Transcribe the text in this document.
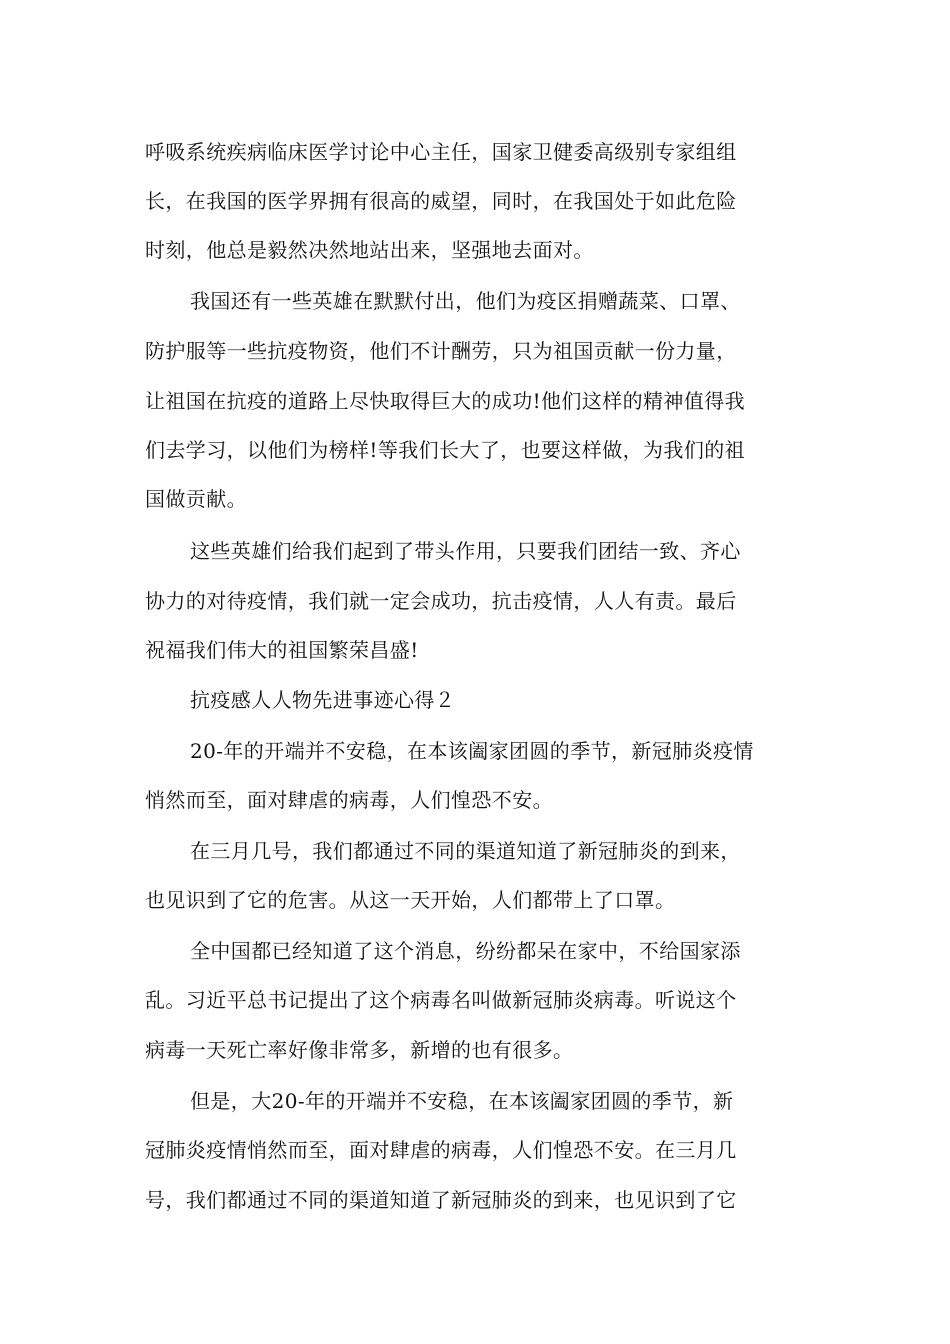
呼吸系统疾病临床医学讨论中心主任，国家卫健委高级别专家组组
长，在我国的医学界拥有很高的威望，同时，在我国处于如此危险
时刻，他总是毅然决然地站出来，坚强地去面对。
我国还有一些英雄在默默付出，他们为疫区捐赠蔬菜、口罩、
防护服等一些抗疫物资，他们不计酬劳，只为祖国贡献一份力量，
让祖国在抗疫的道路上尽快取得巨大的成功!他们这样的精神值得我
们去学习，以他们为榜样!等我们长大了，也要这样做，为我们的祖
国做贡献。
这些英雄们给我们起到了带头作用，只要我们团结一致、齐心
协力的对待疫情，我们就一定会成功，抗击疫情，人人有责。最后
祝福我们伟大的祖国繁荣昌盛!
抗疫感人人物先进事迹心得２
20-年的开端并不安稳，在本该阖家团圆的季节，新冠肺炎疫情
悄然而至，面对肆虐的病毒，人们惶恐不安。
在三月几号，我们都通过不同的渠道知道了新冠肺炎的到来，
也见识到了它的危害。从这一天开始，人们都带上了口罩。
全中国都已经知道了这个消息，纷纷都呆在家中，不给国家添
乱。习近平总书记提出了这个病毒名叫做新冠肺炎病毒。听说这个
病毒一天死亡率好像非常多，新增的也有很多。
但是，大20-年的开端并不安稳，在本该阖家团圆的季节，新
冠肺炎疫情悄然而至，面对肆虐的病毒，人们惶恐不安。在三月几
号，我们都通过不同的渠道知道了新冠肺炎的到来，也见识到了它
